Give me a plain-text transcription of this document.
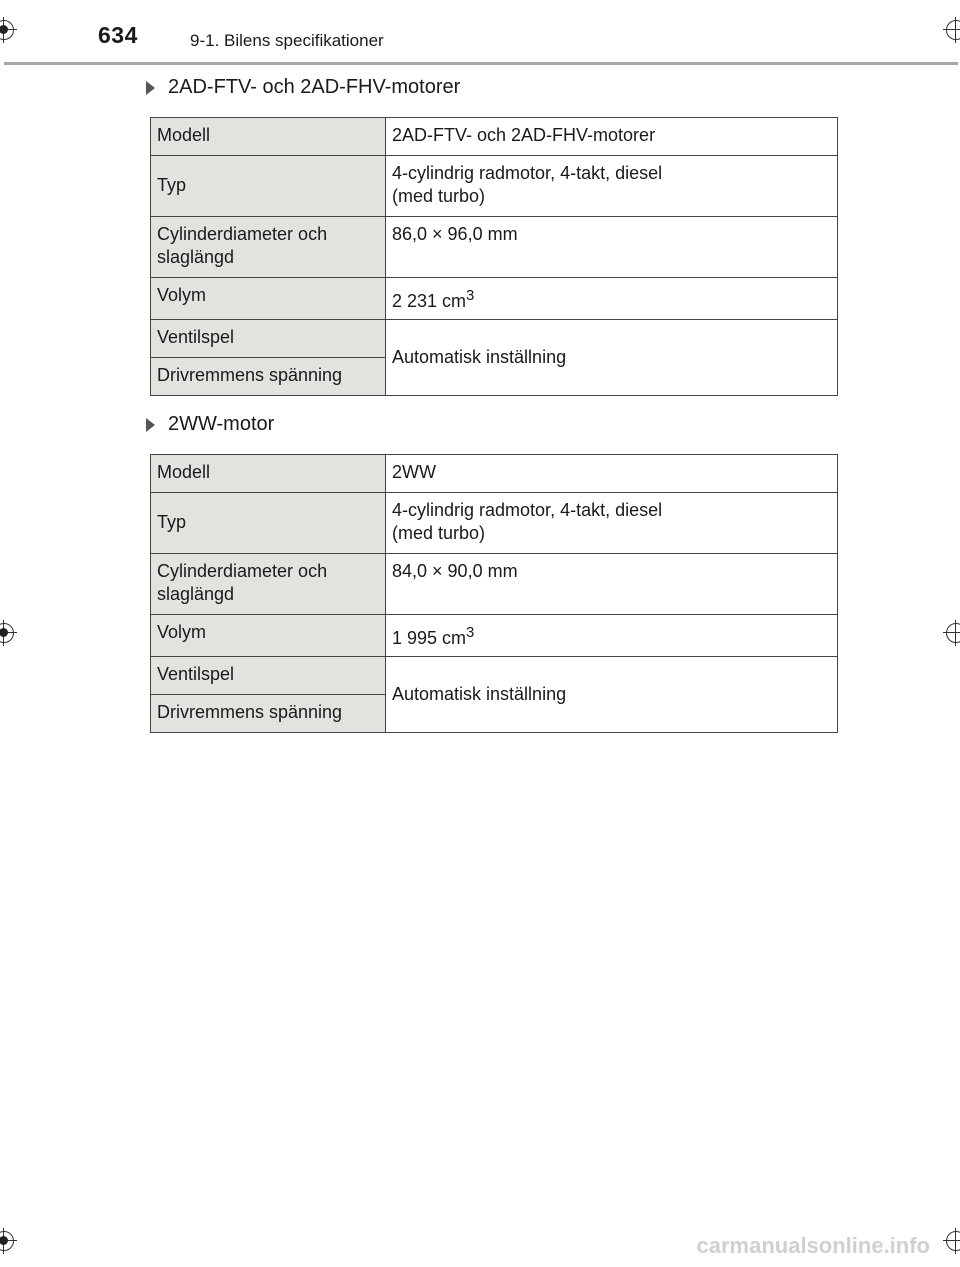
634	9-1. Bilens specifikationer
2AD-FTV- och 2AD-FHV-motorer
Modell	2AD-FTV- och 2AD-FHV-motorer

Typ	4-cylindrig radmotor, 4-takt, diesel
(med turbo)

Cylinderdiameter och
slaglängd	86,0 × 96,0 mm
Volym	2 231 $cm^3$
Ventilspel	Automatisk inställning
Drivremmens spänning	
2WW-motor
Modell	2WW

Typ	4-cylindrig radmotor, 4-takt, diesel
(med turbo)

Cylinderdiameter och
slaglängd	84,0 × 90,0 mm
Volym	1 995 $cm^3$
Ventilspel	Automatisk inställning
Drivremmens spänning	
carmanualsonline.info
